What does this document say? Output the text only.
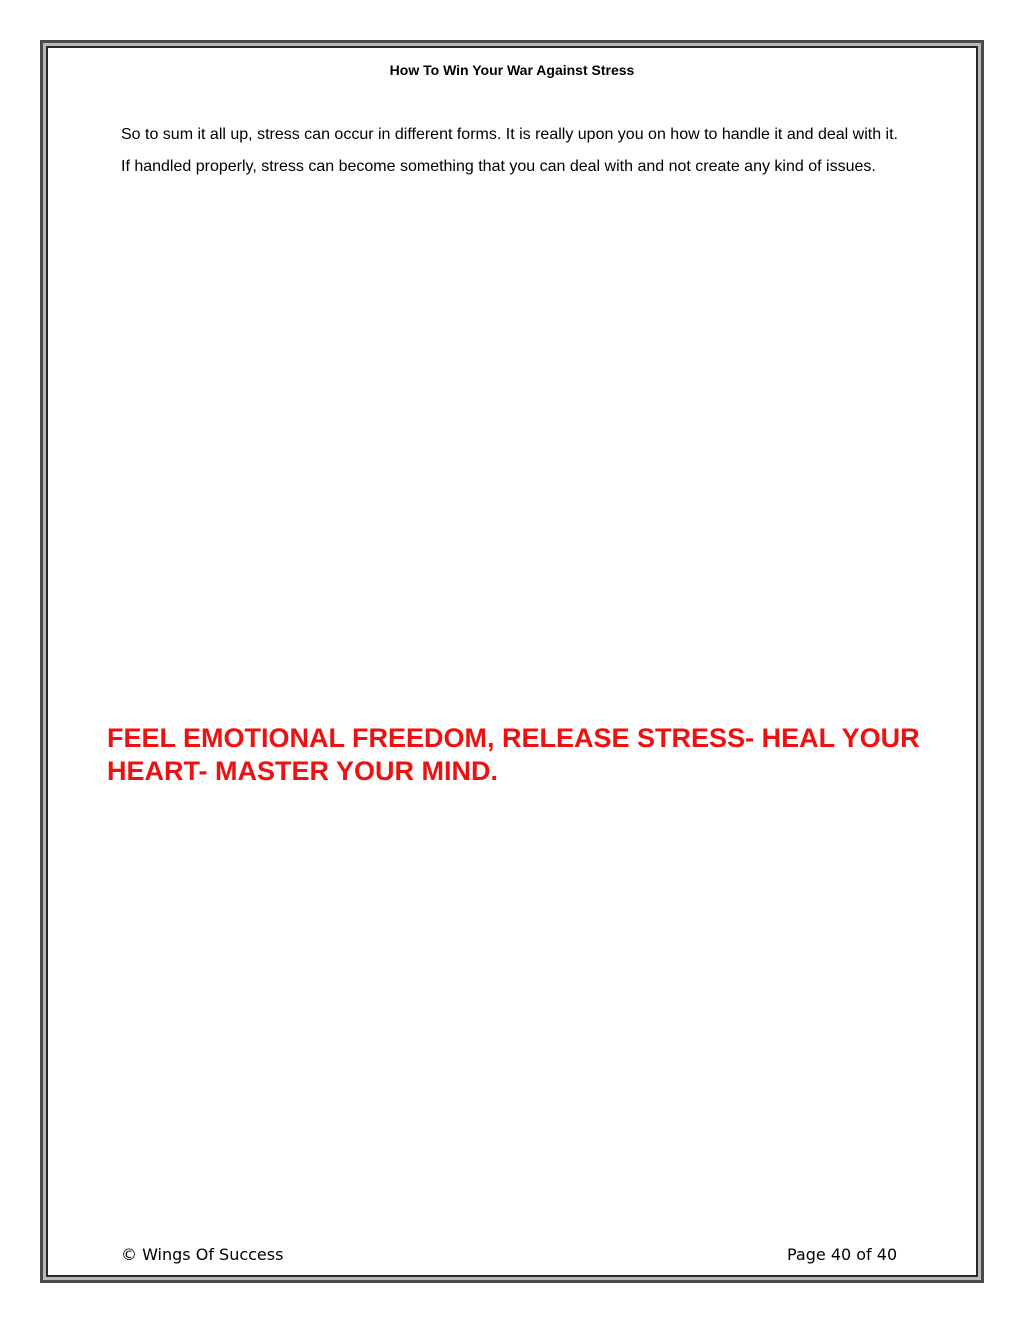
How To Win Your War Against Stress

So to sum it all up, stress can occur in different forms. It is really upon you on how to handle it and deal with it. If handled properly, stress can become something that you can deal with and not create any kind of issues.

FEEL EMOTIONAL FREEDOM, RELEASE STRESS- HEAL YOUR HEART- MASTER YOUR MIND.
© Wings Of Success	Page 40 of 40
